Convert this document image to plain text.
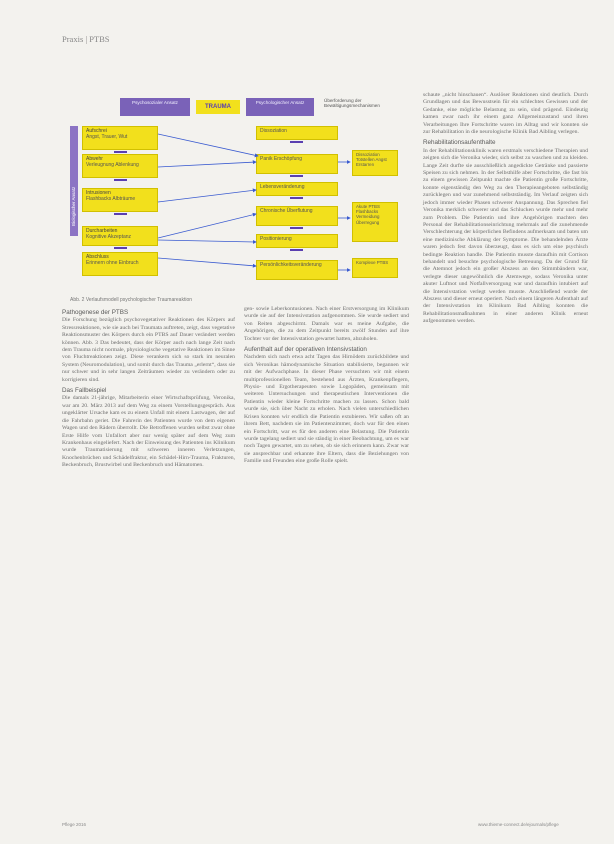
Praxis | PTBS
Psychosozialer Ansatz
TRAUMA
Psychologischer Ansatz	Überforderung der Bewältigungsmechanismen
Biologischer Ansatz
Aufschrei
Angst, Trauer, Wut
Abwehr
Verleugnung Ablenkung
Intrusionen
Flashbacks Albträume
Durcharbeiten
Kognitive Akzeptanz
Abschluss
Erinnern ohne Einbruch
Dissoziation
Panik Erschöpfung
Lebensveränderung
Chronische Überflutung
Positionierung
Persönlichkeitsveränderung
Dissoziation Totstellen Angst Erstarren
Akute PTBS Flashbacks Vermeidung Überregung
Komplexe PTBS
Abb. 2 Verlaufsmodell psychologischer Traumareaktion
Pathogenese der PTBS

Die Forschung bezüglich psychovegetativer Reaktionen des Körpers auf Stressreaktionen, wie sie auch bei Traumata auftreten, zeigt, dass vegetative Reaktionsmuster des Körpers durch ein PTBS auf Dauer verändert werden können. Abb. 3 Das bedeutet, dass der Körper auch nach lange Zeit nach dem Trauma nicht normale, physiologische vegetative Reaktionen im Sinne von Fluchtreaktionen zeigt. Diese verankern sich so stark im neuralen System (Neuromodulation), und somit durch das Trauma „erlernt“, dass sie nur schwer und in sehr langen Zeiträumen wieder zu verändern oder zu korrigieren sind.

Das Fallbeispiel

Die damals 21-jährige, Mitarbeiterin einer Wirtschaftsprüfung, Veronika, war am 20. März 2013 auf dem Weg zu einem Vorstellungsgespräch. Aus ungeklärter Ursache kam es zu einem Unfall mit einem Lastwagen, der auf die Fahrbahn geriet. Die Fahrerin des Patienten wurde von dem eigenen Wagen und den Rädern überrollt. Die Betroffenen wurden selbst zwar ohne Erste Hilfe vom Unfallort aber nur wenig später auf dem Weg zum Krankenhaus eingeliefert. Nach der Einweisung des Patienten ins Klinikum wurde Traumatisierung mit schweren inneren Verletzungen, Knochenbrüchen und Schädelfraktur, ein Schädel-Hirn-Trauma, Frakturen, Beckenbruch, Brustwirbel und Beckenbruch und Hämatomen.

gen- sowie Leberkontusionen. Nach einer Erstversorgung im Klinikum wurde sie auf der Intensivstation aufgenommen. Sie wurde sediert und von Reiten abgeschirmt. Damals war es meine Aufgabe, die Angehörigen, die zu dem Zeitpunkt bereits zwölf Stunden auf ihre Tochter vor der Intensivstation gewartet hatten, abzuholen.

Aufenthalt auf der operativen Intensivstation

Nachdem sich nach etwa acht Tagen das Hirnödem zurückbildete und sich Veronikas hämodynamische Situation stabilisierte, begannen wir mit der Aufwachphase. In dieser Phase versuchten wir mit einem multiprofessionellen Team, bestehend aus Ärzten, Krankenpflegern, Physio- und Ergotherapeuten sowie Logopäden, gemeinsam mit weiteren Untersuchungen und therapeutischen Interventionen die Patientin wieder kleine Fortschritte machen zu lassen. Schon bald wurde sie, sich über Nacht zu erholen. Nach vielen unterschiedlichen Krisen konnten wir endlich die Patientin extubieren. Wir saßen oft an ihrem Bett, nachdem sie im Patientenzimmer, doch war für den einen ein Fortschritt, war es für den anderen eine Belastung. Die Patientin wurde tagelang sediert und sie ständig in einer Beobachtung, um es war noch Tagen gewartet, um zu sehen, ob sie sich erinnern kann. Zwar war sie ansprechbar und erkannte ihre Eltern, dass die Beziehungen von Familie und Freunden eine große Rolle spielt.

schaute „nicht hinschauen“. Auslöser Reaktionen sind deutlich. Durch Grundlagen und das Bewusstsein für ein schlechtes Gewissen und der Gedanke, eine mögliche Belastung zu sein, sind prägend. Eindeutig kamen zwar nach ihr einem ganz Allgemeinzustand und ihren Verarbeitungen Ihre Fortschritte waren im Alltag und wir konnten sie zur Rehabilitation in die neurologische Klinik Bad Aibling verlegen.

Rehabilitationsaufenthalte

In der Rehabilitationsklinik waren erstmals verschiedene Therapien und zeigten sich die Veronika wieder, sich selbst zu waschen und zu kleiden. Lange Zeit durfte sie ausschließlich angedickte Getränke und passierte Speisen zu sich nehmen. In der Selbsthilfe aber Fortschritte, die fast bis zu einem gewissen Zeitpunkt machte die Patientin große Fortschritte, konnte eigenständig den Weg zu den Therapieangeboten selbständig zurücklegen und war zunehmend selbstständig. Im Verlauf zeigten sich jedoch immer wieder Phasen schwerer Anspannung. Das Sprechen fiel Veronika merklich schwerer und das Schlucken wurde mehr und mehr zum Problem. Die Patientin und ihre Angehörigen machten den Personal der Rehabilitationseinrichtung mehrmals auf die zunehmende Verschlechterung der körperlichen Befindens aufmerksam und baten um eine medizinische Abklärung der Symptome. Die behandelnden Ärzte waren jedoch fest davon überzeugt, dass es sich um eine psychisch bedingte Reaktion handle. Die Patientin musste daraufhin mit Cortison behandelt und besuchte psychologische Betreuung. Da der Grund für die Atemnot jedoch ein großer Abszess an den Stimmbändern war, verlegte dieser ungewöhnlich die Atemwege, sodass Veronika unter akuter Luftnot und Notfallversorgung war und daraufhin intubiert auf die Intensivstation verlegt werden musste. Anschließend wurde der Abszess und dieser erneut operiert. Nach einem längeren Aufenthalt auf der Intensivstation im Klinikum Bad Aibling konnten die Rehabilitationsmaßnahmen in einer anderen Klinik erneut aufgenommen werden.

Pflege 2016	www.thieme-connect.de/ejournals/pflege
